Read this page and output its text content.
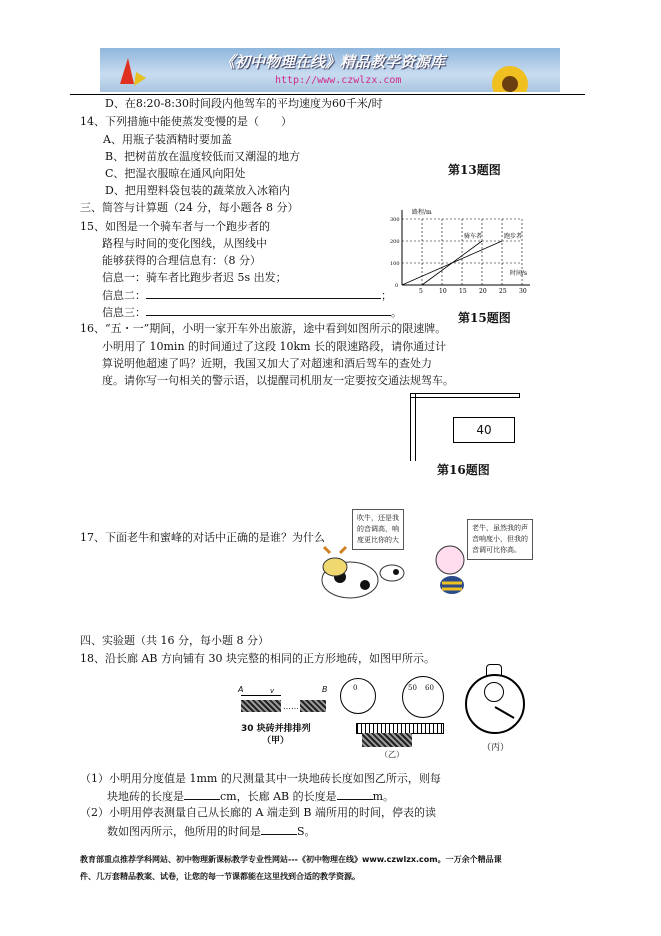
《初中物理在线》精品教学资源库
http://www.czwlzx.com
D、在8:20-8:30时间段内他驾车的平均速度为60千米/时
14、下列措施中能使蒸发变慢的是（　　）
A、用瓶子装酒精时要加盖
B、把树苗放在温度较低而又潮湿的地方
C、把湿衣服晾在通风向阳处
D、把用塑料袋包装的蔬菜放入冰箱内
第13题图
三、简答与计算题（24 分，每小题各 8 分）
15、如图是一个骑车者与一个跑步者的
路程与时间的变化图线，从图线中
能够获得的合理信息有：（8 分）
信息一：骑车者比跑步者迟 5s 出发；
信息二：	；
信息三：	。
5	10 15 20 25 30
0
100
200
300
骑车者	跑步者
路程/m
时间/s
第15题图
16、“五・一”期间，小明一家开车外出旅游，途中看到如图所示的限速牌。
小明用了 10min 的时间通过了这段 10km 长的限速路段，请你通过计
算说明他超速了吗？近期，我国又加大了对超速和酒后驾车的查处力
度。请你写一句相关的警示语，以提醒司机朋友一定要按交通法规驾车。
40
第16题图
17、下面老牛和蜜峰的对话中正确的是谁？为什么
吹牛，还是我
的音调高，响
度更比你的大
老牛，虽然我的声
音响度小，但我的
音调可比你高。
四、实验题（共 16 分，每小题 8 分）
18、沿长廊 AB 方向铺有 30 块完整的相同的正方形地砖，如图甲所示。
A	v	B
……
30 块砖并排排列
（甲）
0	50 60
（乙）
（丙）
（1）小明用分度值是 1mm 的尺测量其中一块地砖长度如图乙所示，则每
块地砖的长度是	cm，长廊 AB 的长度是	m。
（2）小明用停表测量自己从长廊的 A 端走到 B 端所用的时间，停表的读
数如图丙所示，他所用的时间是	S。
教育部重点推荐学科网站、初中物理新课标教学专业性网站---《初中物理在线》www.czwlzx.com。一万余个精品课
件、几万套精品教案、试卷，让您的每一节课都能在这里找到合适的教学资源。
